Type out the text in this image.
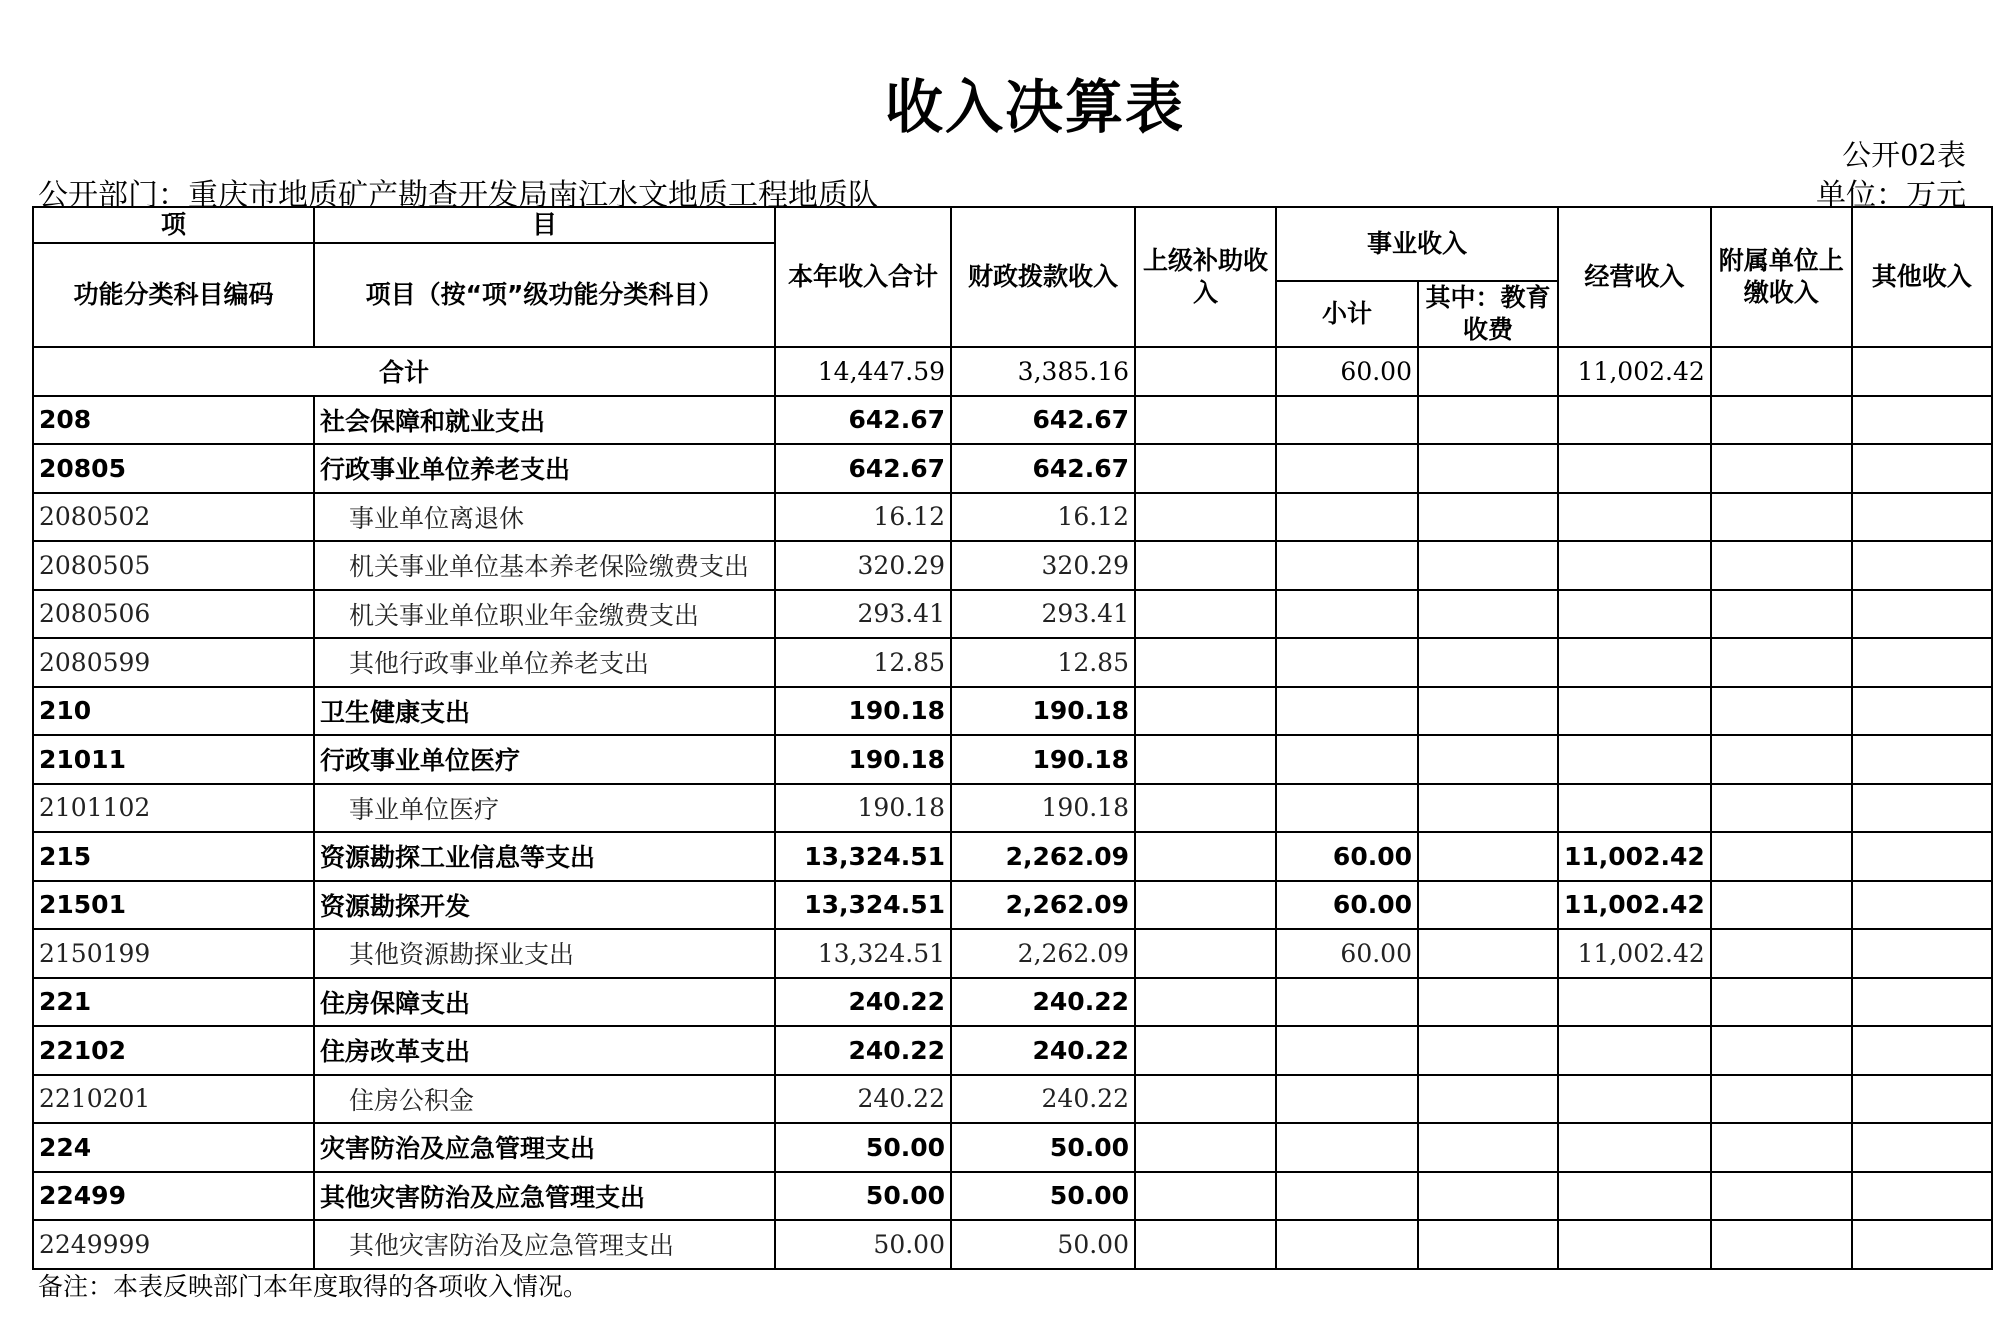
收入决算表
公开02表
公开部门：重庆市地质矿产勘查开发局南江水文地质工程地质队	单位：万元
项	目	本年收入合计	财政拨款收入	上级补助收入	事业收入		经营收入	附属单位上缴收入	其他收入
功能分类科目编码	项目（按“项”级功能分类科目）								
					小计	其中：教育收费			
合计		14,447.59	3,385.16		60.00		11,002.42		
208	社会保障和就业支出	642.67	642.67						
20805	行政事业单位养老支出	642.67	642.67						
2080502	事业单位离退休	16.12	16.12						
2080505	机关事业单位基本养老保险缴费支出	320.29	320.29						
2080506	机关事业单位职业年金缴费支出	293.41	293.41						
2080599	其他行政事业单位养老支出	12.85	12.85						
210	卫生健康支出	190.18	190.18						
21011	行政事业单位医疗	190.18	190.18						
2101102	事业单位医疗	190.18	190.18						
215	资源勘探工业信息等支出	13,324.51	2,262.09		60.00		11,002.42		
21501	资源勘探开发	13,324.51	2,262.09		60.00		11,002.42		
2150199	其他资源勘探业支出	13,324.51	2,262.09		60.00		11,002.42		
221	住房保障支出	240.22	240.22						
22102	住房改革支出	240.22	240.22						
2210201	住房公积金	240.22	240.22						
224	灾害防治及应急管理支出	50.00	50.00						
22499	其他灾害防治及应急管理支出	50.00	50.00						
2249999	其他灾害防治及应急管理支出	50.00	50.00						
备注：本表反映部门本年度取得的各项收入情况。
